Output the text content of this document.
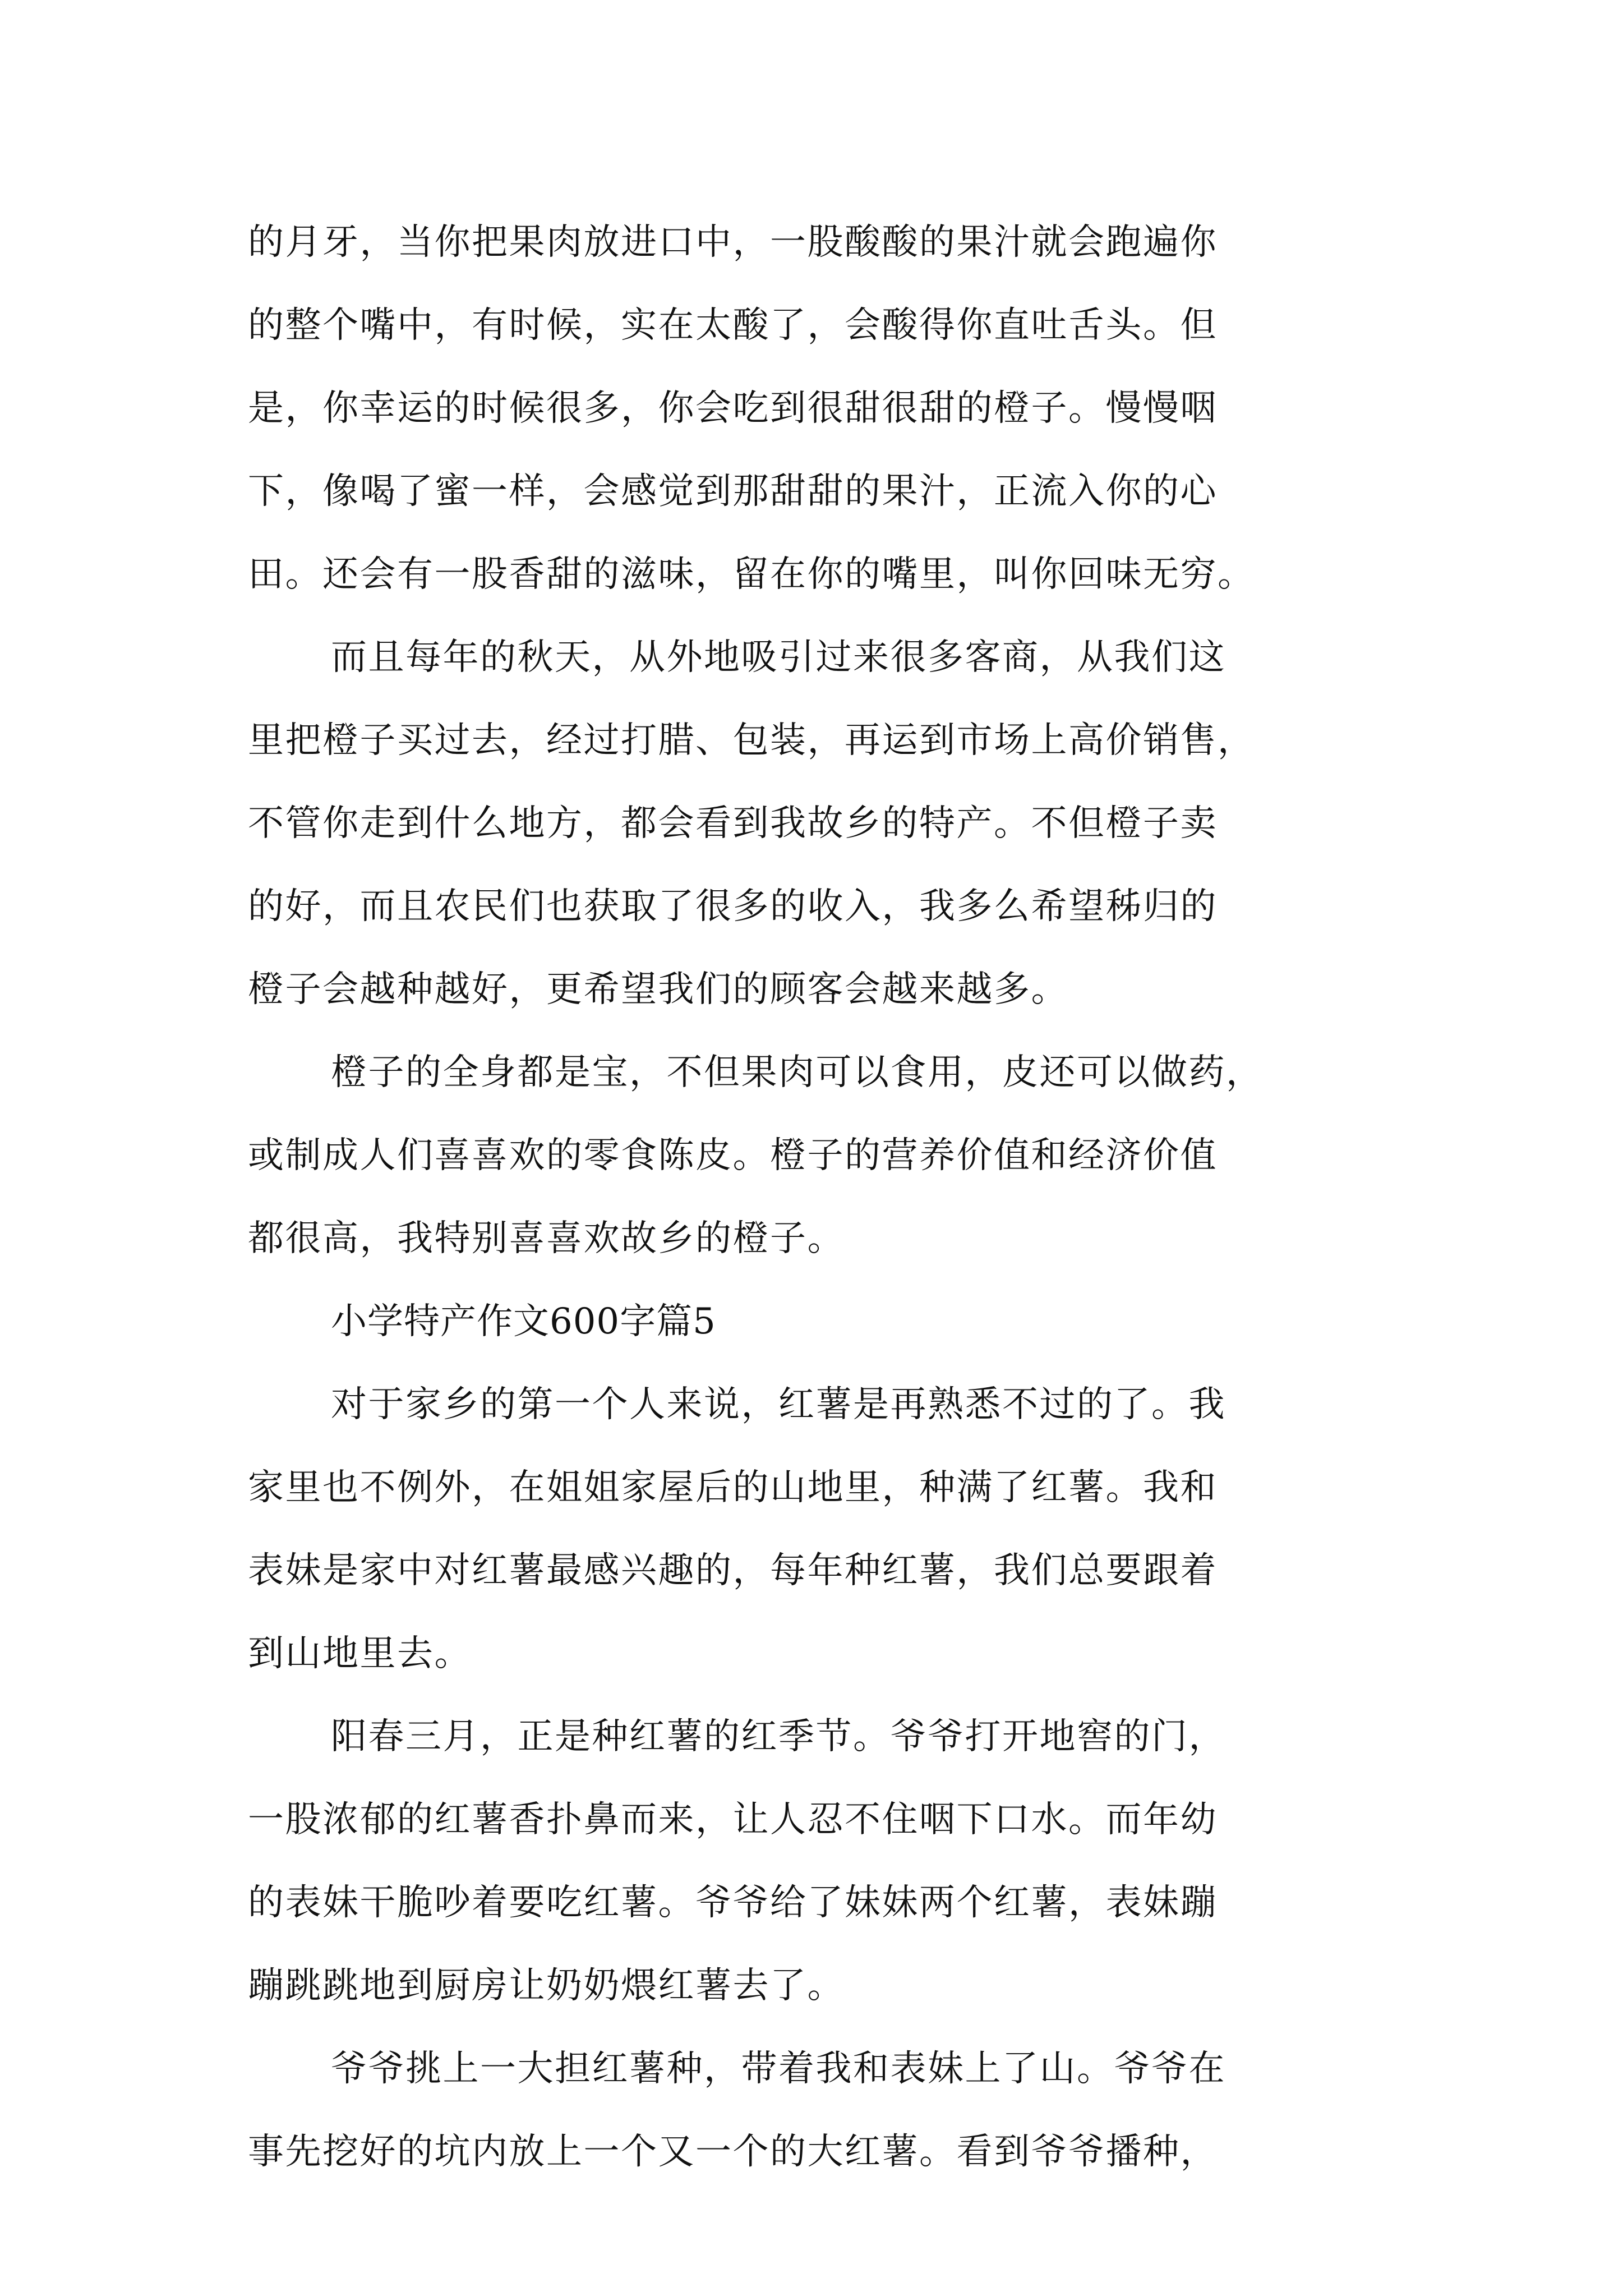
的月牙，当你把果肉放进口中，一股酸酸的果汁就会跑遍你
的整个嘴中，有时候，实在太酸了，会酸得你直吐舌头。但
是，你幸运的时候很多，你会吃到很甜很甜的橙子。慢慢咽
下，像喝了蜜一样，会感觉到那甜甜的果汁，正流入你的心
田。还会有一股香甜的滋味，留在你的嘴里，叫你回味无穷。
而且每年的秋天，从外地吸引过来很多客商，从我们这
里把橙子买过去，经过打腊、包装，再运到市场上高价销售，
不管你走到什么地方，都会看到我故乡的特产。不但橙子卖
的好，而且农民们也获取了很多的收入，我多么希望秭归的
橙子会越种越好，更希望我们的顾客会越来越多。
橙子的全身都是宝，不但果肉可以食用，皮还可以做药，
或制成人们喜喜欢的零食陈皮。橙子的营养价值和经济价值
都很高，我特别喜喜欢故乡的橙子。
小学特产作文600字篇5
对于家乡的第一个人来说，红薯是再熟悉不过的了。我
家里也不例外，在姐姐家屋后的山地里，种满了红薯。我和
表妹是家中对红薯最感兴趣的，每年种红薯，我们总要跟着
到山地里去。
阳春三月，正是种红薯的红季节。爷爷打开地窖的门，
一股浓郁的红薯香扑鼻而来，让人忍不住咽下口水。而年幼
的表妹干脆吵着要吃红薯。爷爷给了妹妹两个红薯，表妹蹦
蹦跳跳地到厨房让奶奶煨红薯去了。
爷爷挑上一大担红薯种，带着我和表妹上了山。爷爷在
事先挖好的坑内放上一个又一个的大红薯。看到爷爷播种，
